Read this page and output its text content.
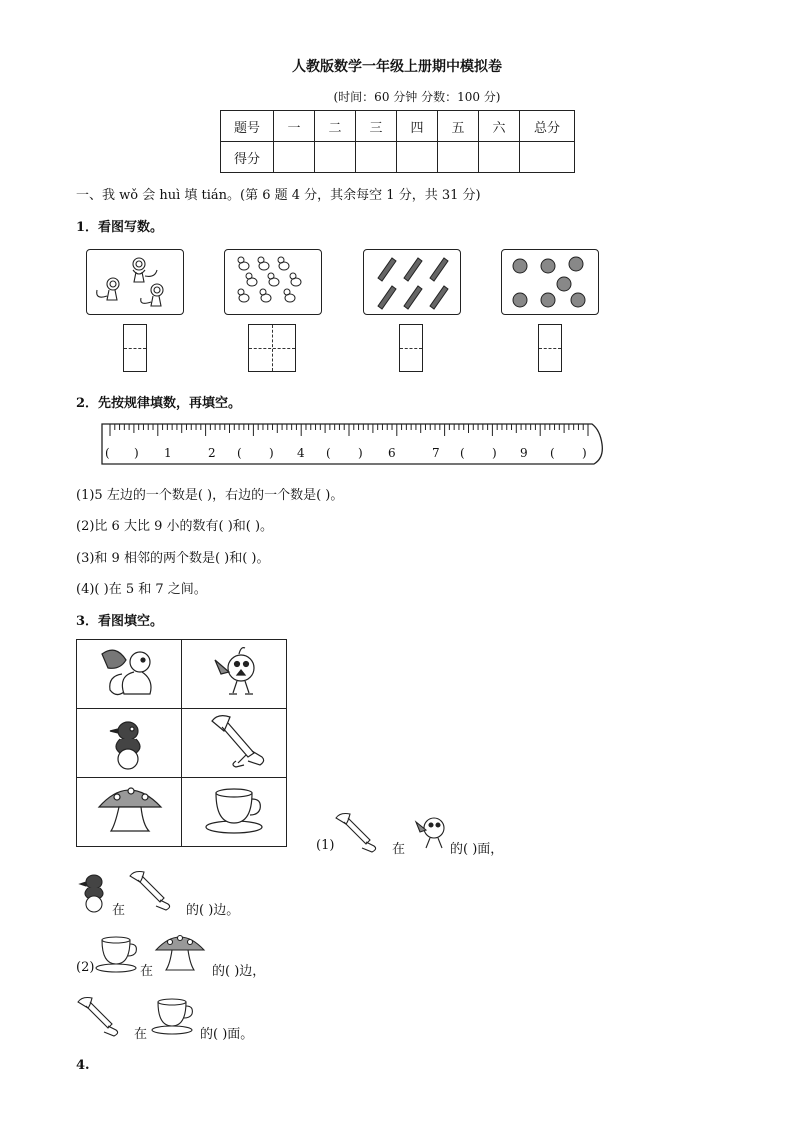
人教版数学一年级上册期中模拟卷
(时间：60 分钟 分数：100 分)
题号	一	二	三	四	五	六	总分
得分							
一、我 wǒ 会 huì 填 tián。(第 6 题 4 分，其余每空 1 分，共 31 分)
1．看图写数。
2．先按规律填数，再填空。
( ) 1	2 ( ) 4 ( ) 6	7 ( ) 9 ( )
(1)5 左边的一个数是( )，右边的一个数是( )。
(2)比 6 大比 9 小的数有( )和( )。
(3)和 9 相邻的两个数是( )和( )。
(4)( )在 5 和 7 之间。
3．看图填空。

(1)	在	的( )面，
在	的( )边。
(2)	在	的( )边，
在	的( )面。
4.
